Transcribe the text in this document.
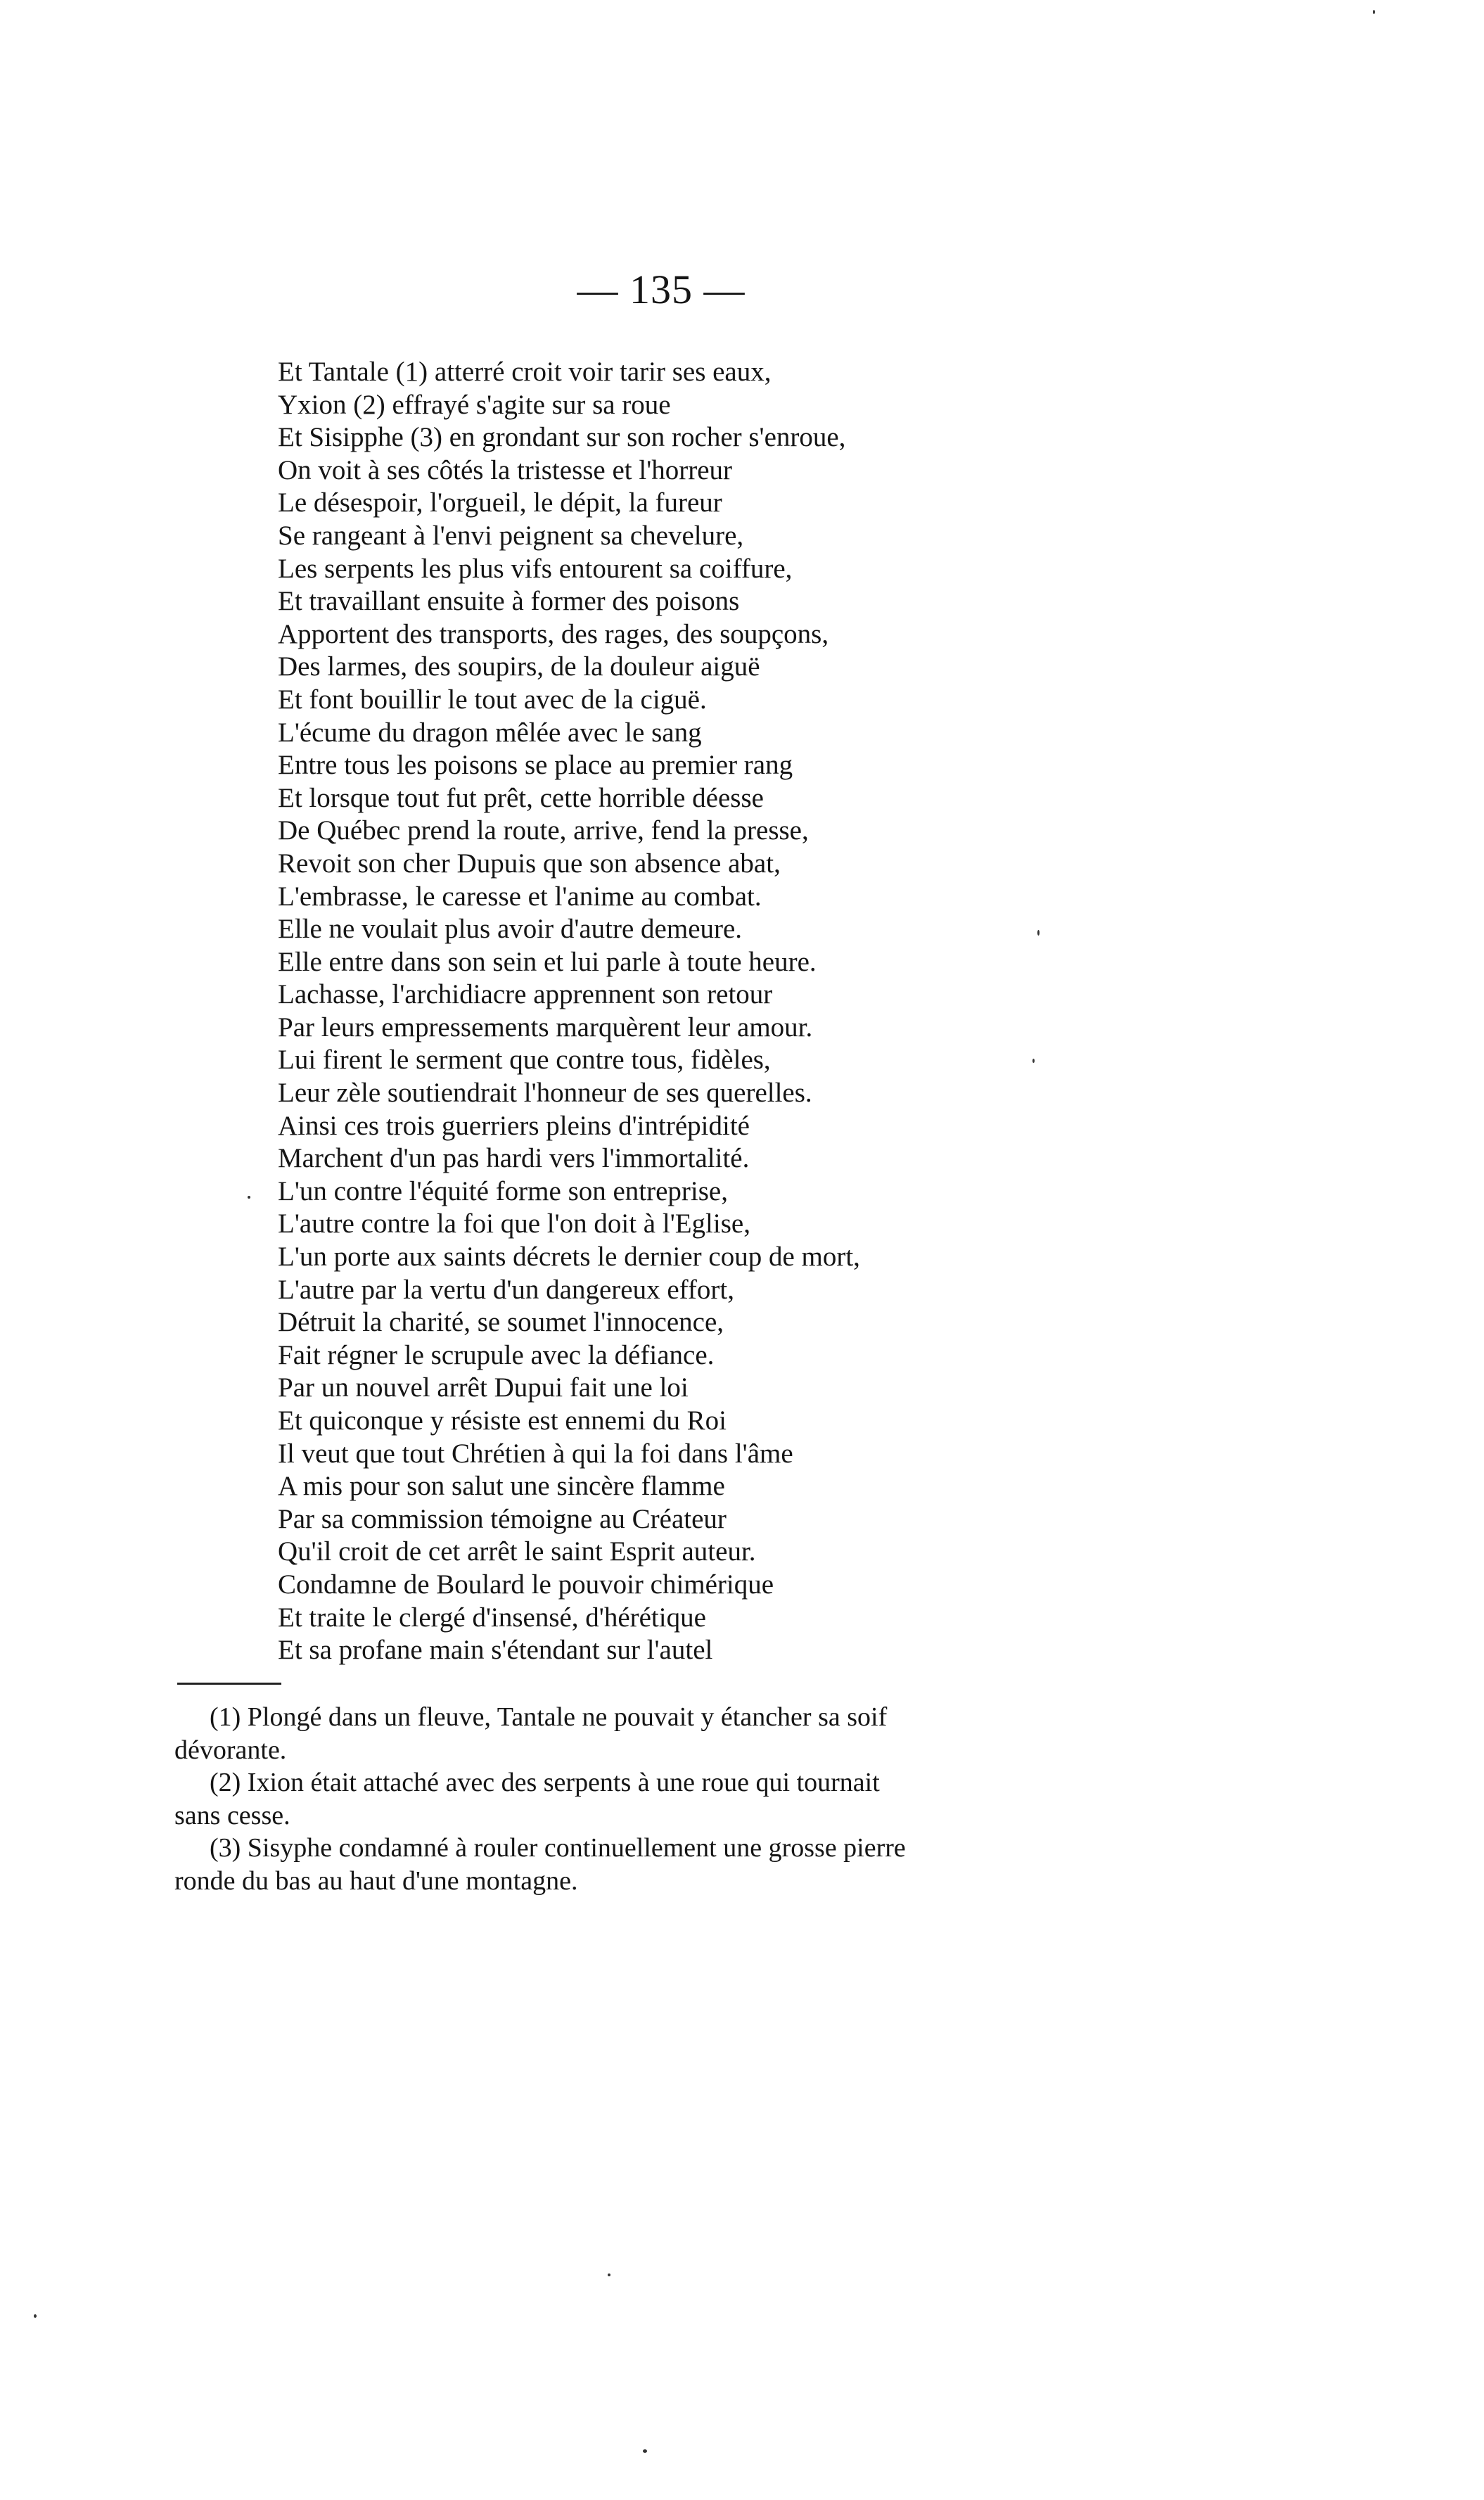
— 135 —
Et Tantale (1) atterré croit voir tarir ses eaux,
Yxion (2) effrayé s'agite sur sa roue
Et Sisipphe (3) en grondant sur son rocher s'enroue,
On voit à ses côtés la tristesse et l'horreur
Le désespoir, l'orgueil, le dépit, la fureur
Se rangeant à l'envi peignent sa chevelure,
Les serpents les plus vifs entourent sa coiffure,
Et travaillant ensuite à former des poisons
Apportent des transports, des rages, des soupçons,
Des larmes, des soupirs, de la douleur aiguë
Et font bouillir le tout avec de la ciguë.
L'écume du dragon mêlée avec le sang
Entre tous les poisons se place au premier rang
Et lorsque tout fut prêt, cette horrible déesse
De Québec prend la route, arrive, fend la presse,
Revoit son cher Dupuis que son absence abat,
L'embrasse, le caresse et l'anime au combat.
Elle ne voulait plus avoir d'autre demeure.
Elle entre dans son sein et lui parle à toute heure.
Lachasse, l'archidiacre apprennent son retour
Par leurs empressements marquèrent leur amour.
Lui firent le serment que contre tous, fidèles,
Leur zèle soutiendrait l'honneur de ses querelles.
Ainsi ces trois guerriers pleins d'intrépidité
Marchent d'un pas hardi vers l'immortalité.
L'un contre l'équité forme son entreprise,
L'autre contre la foi que l'on doit à l'Eglise,
L'un porte aux saints décrets le dernier coup de mort,
L'autre par la vertu d'un dangereux effort,
Détruit la charité, se soumet l'innocence,
Fait régner le scrupule avec la défiance.
Par un nouvel arrêt Dupui fait une loi
Et quiconque y résiste est ennemi du Roi
Il veut que tout Chrétien à qui la foi dans l'âme
A mis pour son salut une sincère flamme
Par sa commission témoigne au Créateur
Qu'il croit de cet arrêt le saint Esprit auteur.
Condamne de Boulard le pouvoir chimérique
Et traite le clergé d'insensé, d'hérétique
Et sa profane main s'étendant sur l'autel
(1) Plongé dans un fleuve, Tantale ne pouvait y étancher sa soif
dévorante.
(2) Ixion était attaché avec des serpents à une roue qui tournait
sans cesse.
(3) Sisyphe condamné à rouler continuellement une grosse pierre
ronde du bas au haut d'une montagne.
